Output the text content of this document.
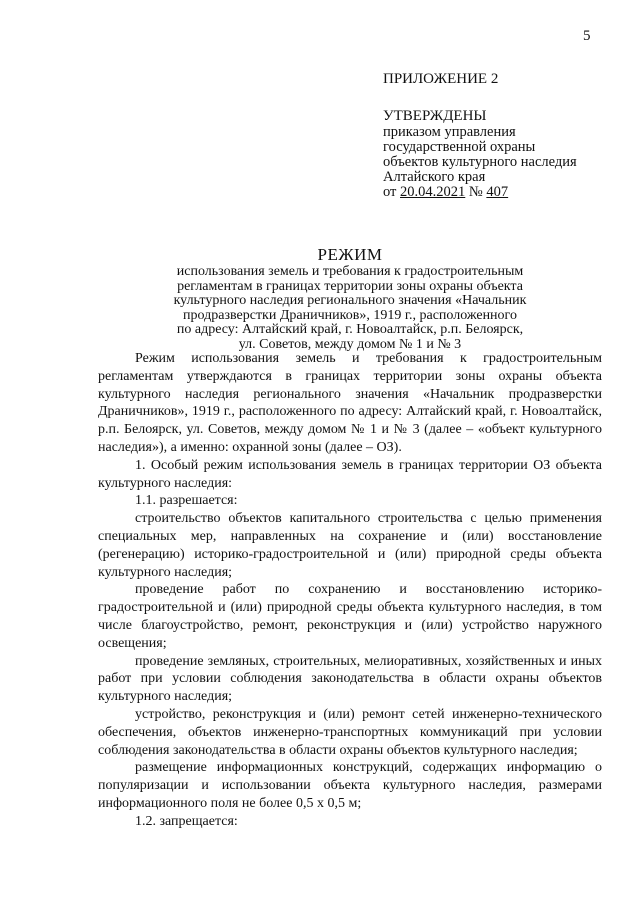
5
ПРИЛОЖЕНИЕ 2
УТВЕРЖДЕНЫ
приказом управления
государственной охраны
объектов культурного наследия
Алтайского края
от 20.04.2021 № 407
РЕЖИМ

использования земель и требования к градостроительным

регламентам в границах территории зоны охраны объекта

культурного наследия регионального значения «Начальник

продразверстки Драничников», 1919 г., расположенного

по адресу: Алтайский край, г. Новоалтайск, р.п. Белоярск,

ул. Советов, между домом № 1 и № 3

Режим использования земель и требования к градостроительным регламентам утверждаются в границах территории зоны охраны объекта культурного наследия регионального значения «Начальник продразверстки Драничников», 1919 г., расположенного по адресу: Алтайский край, г. Новоалтайск, р.п. Белоярск, ул. Советов, между домом № 1 и № 3 (далее – «объект культурного наследия»), а именно: охранной зоны (далее – ОЗ).

1. Особый режим использования земель в границах территории ОЗ объекта культурного наследия:

1.1. разрешается:

строительство объектов капитального строительства с целью применения специальных мер, направленных на сохранение и (или) восстановление (регенерацию) историко-градостроительной и (или) природной среды объекта культурного наследия;

проведение работ по сохранению и восстановлению историко-градостроительной и (или) природной среды объекта культурного наследия, в том числе благоустройство, ремонт, реконструкция и (или) устройство наружного освещения;

проведение земляных, строительных, мелиоративных, хозяйственных и иных работ при условии соблюдения законодательства в области охраны объектов культурного наследия;

устройство, реконструкция и (или) ремонт сетей инженерно-технического обеспечения, объектов инженерно-транспортных коммуникаций при условии соблюдения законодательства в области охраны объектов культурного наследия;

размещение информационных конструкций, содержащих информацию о популяризации и использовании объекта культурного наследия, размерами информационного поля не более 0,5 х 0,5 м;

1.2. запрещается:
